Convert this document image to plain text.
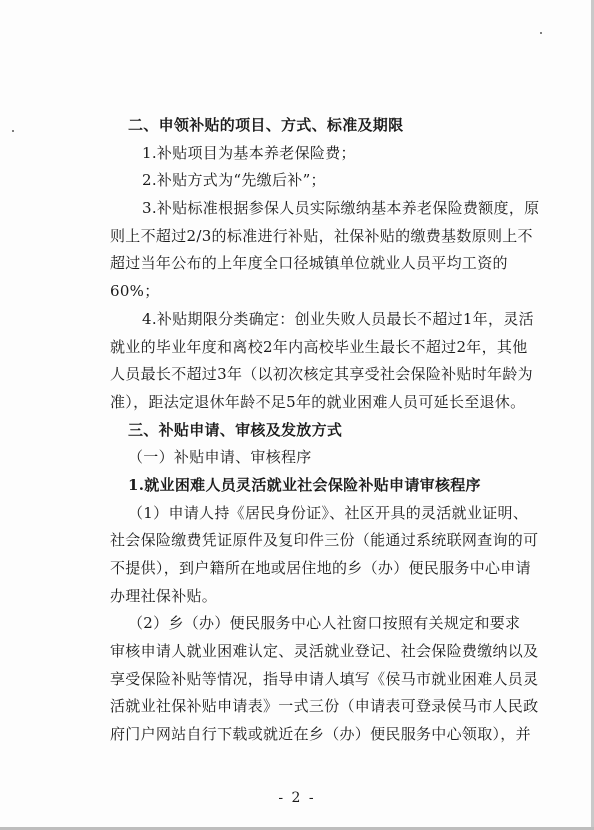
二、申领补贴的项目、方式、标准及期限
1.补贴项目为基本养老保险费；
2.补贴方式为“先缴后补”；
3.补贴标准根据参保人员实际缴纳基本养老保险费额度，原
则上不超过2/3的标准进行补贴，社保补贴的缴费基数原则上不
超过当年公布的上年度全口径城镇单位就业人员平均工资的
60%；
4.补贴期限分类确定：创业失败人员最长不超过1年，灵活
就业的毕业年度和离校2年内高校毕业生最长不超过2年，其他
人员最长不超过3年（以初次核定其享受社会保险补贴时年龄为
准），距法定退休年龄不足5年的就业困难人员可延长至退休。
三、补贴申请、审核及发放方式
（一）补贴申请、审核程序
1.就业困难人员灵活就业社会保险补贴申请审核程序
（1）申请人持《居民身份证》、社区开具的灵活就业证明、
社会保险缴费凭证原件及复印件三份（能通过系统联网查询的可
不提供），到户籍所在地或居住地的乡（办）便民服务中心申请
办理社保补贴。
（2）乡（办）便民服务中心人社窗口按照有关规定和要求
审核申请人就业困难认定、灵活就业登记、社会保险费缴纳以及
享受保险补贴等情况，指导申请人填写《侯马市就业困难人员灵
活就业社保补贴申请表》一式三份（申请表可登录侯马市人民政
府门户网站自行下载或就近在乡（办）便民服务中心领取），并
- 2 -
